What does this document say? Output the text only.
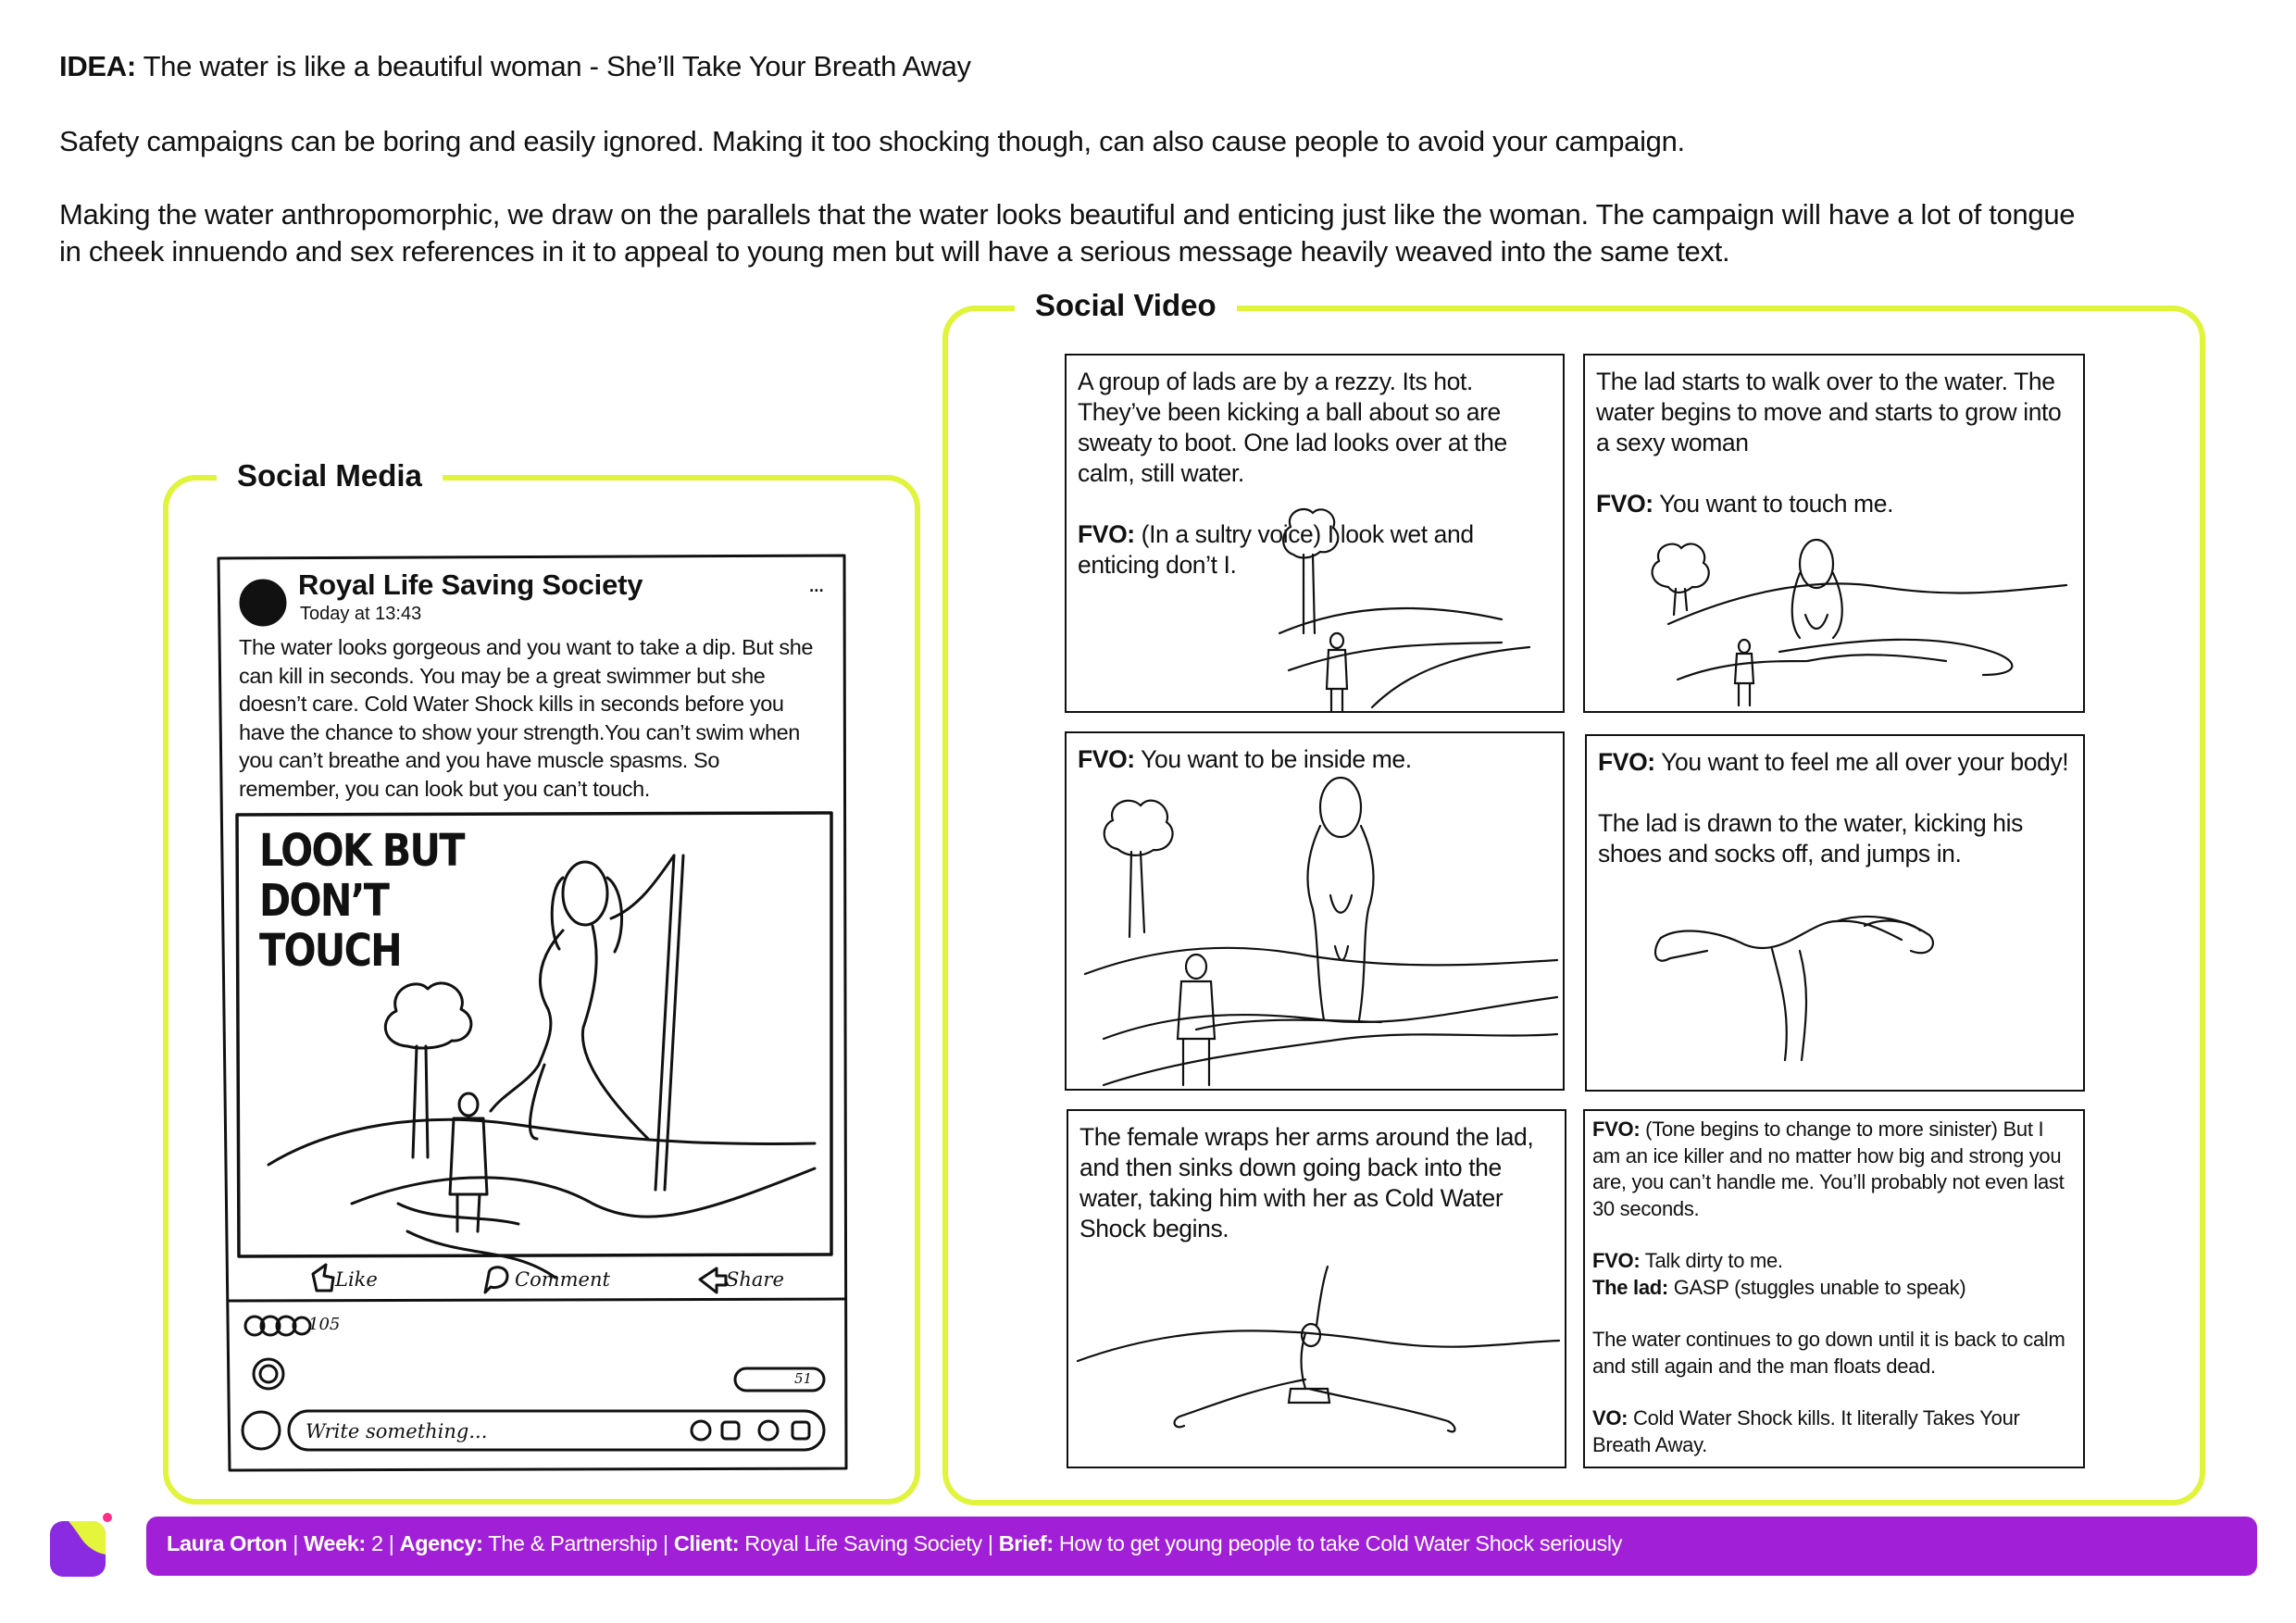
IDEA: The water is like a beautiful woman - She’ll Take Your Breath Away
Safety campaigns can be boring and easily ignored. Making it too shocking though, can also cause people to avoid your campaign.
Making the water anthropomorphic, we draw on the parallels that the water looks beautiful and enticing just like the woman. The campaign will have a lot of tongue
in cheek innuendo and sex references in it to appeal to young men but will have a serious message heavily weaved into the same text.
Social Media
Social Video
Royal Life Saving Society
Today at 13:43
...
The water looks gorgeous and you want to take a dip. But she can kill in seconds. You may be a great swimmer but she doesn’t care. Cold Water Shock kills in seconds before you have the chance to show your strength.You can’t swim when you can’t breathe and you have muscle spasms. So remember, you can look but you can’t touch.
LOOK BUT
DON’T TOUCH
Like	Comment	Share
105
51
Write something...
A group of lads are by a rezzy. Its hot. They’ve been kicking a ball about so are sweaty to boot. One lad looks over at the calm, still water.
FVO: (In a sultry voice) I look wet and enticing don’t I.
The lad starts to walk over to the water. The water begins to move and starts to grow into a sexy woman
FVO: You want to touch me.
FVO: You want to be inside me.	FVO: You want to feel me all over your body!
The lad is drawn to the water, kicking his shoes and socks off, and jumps in.
The female wraps her arms around the lad, and then sinks down going back into the water, taking him with her as Cold Water Shock begins.
FVO: (Tone begins to change to more sinister) But I am an ice killer and no matter how big and strong you are, you can’t handle me. You’ll probably not even last 30 seconds.
FVO: Talk dirty to me.
The lad: GASP (stuggles unable to speak)
The water continues to go down until it is back to calm and still again and the man floats dead.
VO: Cold Water Shock kills. It literally Takes Your Breath Away.
Laura Orton | Week: 2 | Agency: The & Partnership | Client: Royal Life Saving Society | Brief: How to get young people to take Cold Water Shock seriously
